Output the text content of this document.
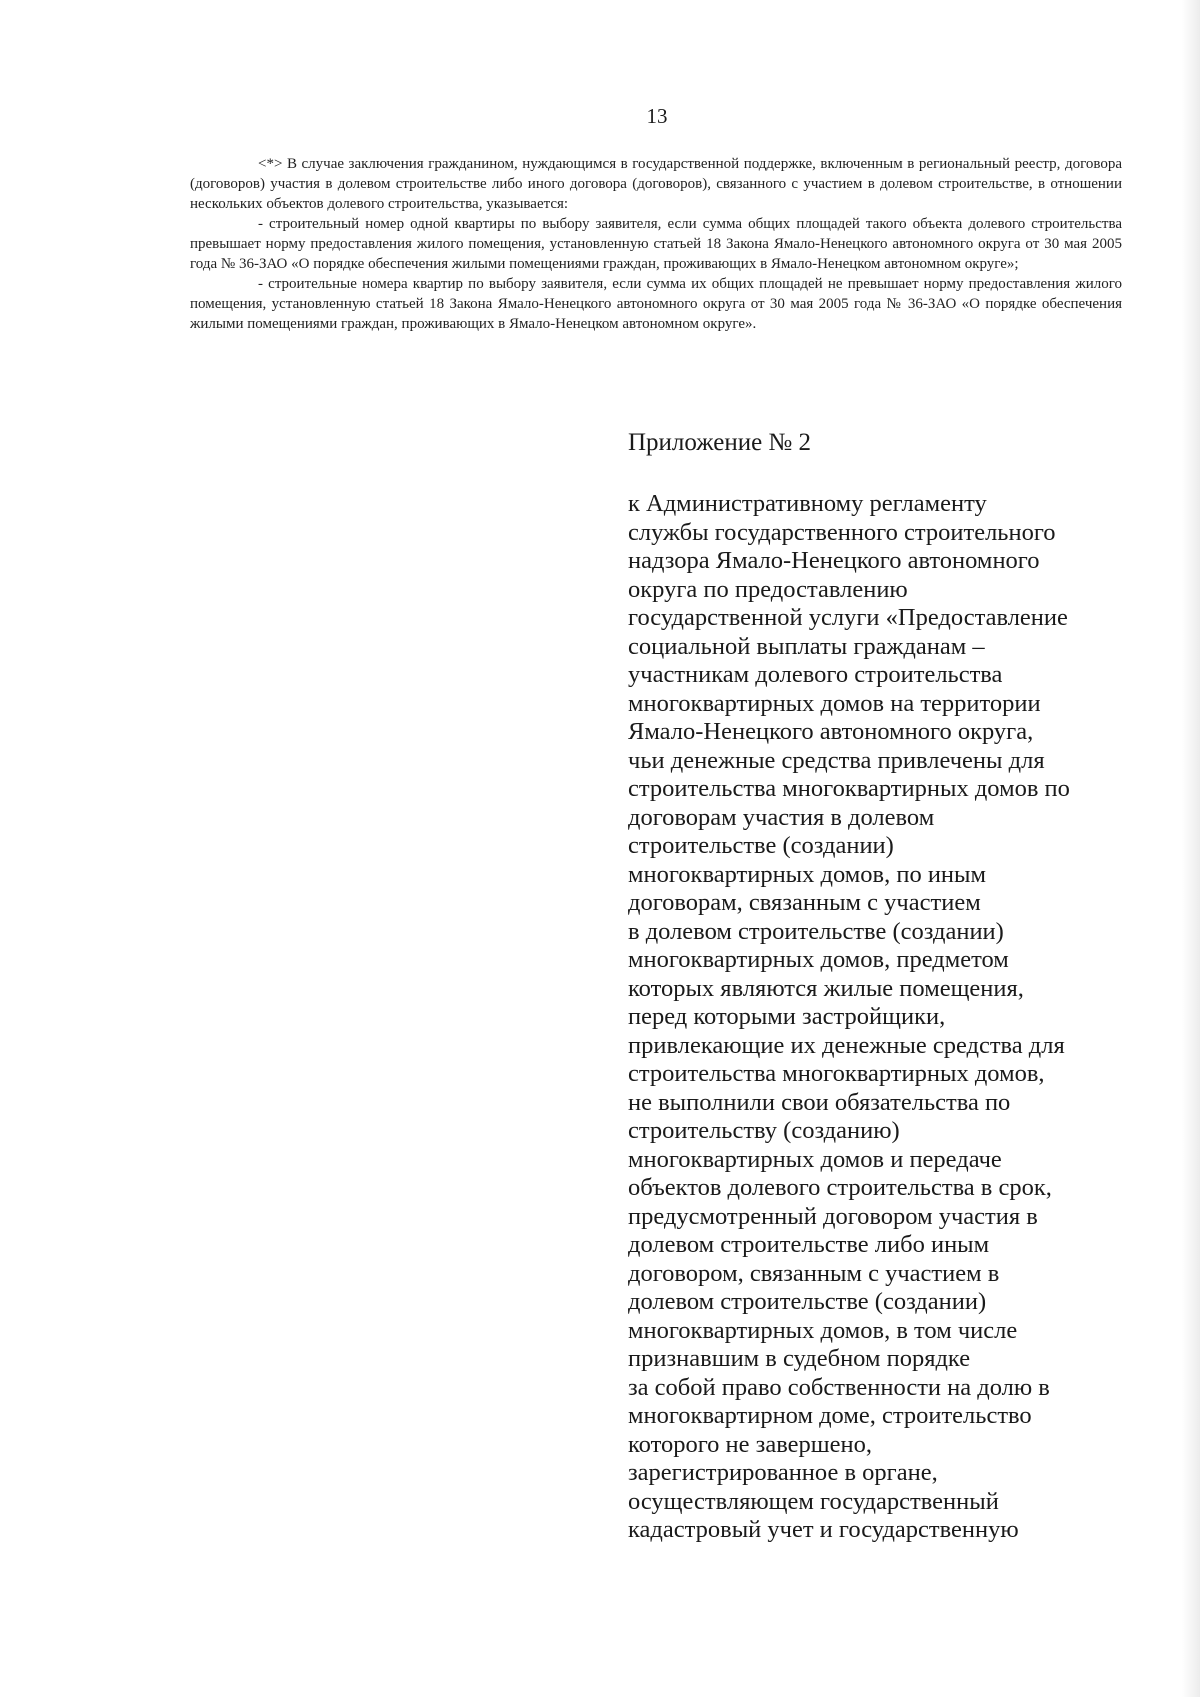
13

<*> В случае заключения гражданином, нуждающимся в государственной поддержке, включенным в региональный реестр, договора (договоров) участия в долевом строительстве либо иного договора (договоров), связанного с участием в долевом строительстве, в отношении нескольких объектов долевого строительства, указывается:

- строительный номер одной квартиры по выбору заявителя, если сумма общих площадей такого объекта долевого строительства превышает норму предоставления жилого помещения, установленную статьей 18 Закона Ямало-Ненецкого автономного округа от 30 мая 2005 года № 36-ЗАО «О порядке обеспечения жилыми помещениями граждан, проживающих в Ямало-Ненецком автономном округе»;

- строительные номера квартир по выбору заявителя, если сумма их общих площадей не превышает норму предоставления жилого помещения, установленную статьей 18 Закона Ямало-Ненецкого автономного округа от 30 мая 2005 года № 36-ЗАО «О порядке обеспечения жилыми помещениями граждан, проживающих в Ямало-Ненецком автономном округе».

Приложение № 2
к Административному регламенту
службы государственного строительного
надзора Ямало-Ненецкого автономного
округа по предоставлению
государственной услуги «Предоставление
социальной выплаты гражданам –
участникам долевого строительства
многоквартирных домов на территории
Ямало-Ненецкого автономного округа,
чьи денежные средства привлечены для
строительства многоквартирных домов по
договорам участия в долевом
строительстве (создании)
многоквартирных домов, по иным
договорам, связанным с участием
в долевом строительстве (создании)
многоквартирных домов, предметом
которых являются жилые помещения,
перед которыми застройщики,
привлекающие их денежные средства для
строительства многоквартирных домов,
не выполнили свои обязательства по
строительству (созданию)
многоквартирных домов и передаче
объектов долевого строительства в срок,
предусмотренный договором участия в
долевом строительстве либо иным
договором, связанным с участием в
долевом строительстве (создании)
многоквартирных домов, в том числе
признавшим в судебном порядке
за собой право собственности на долю в
многоквартирном доме, строительство
которого не завершено,
зарегистрированное в органе,
осуществляющем государственный
кадастровый учет и государственную
